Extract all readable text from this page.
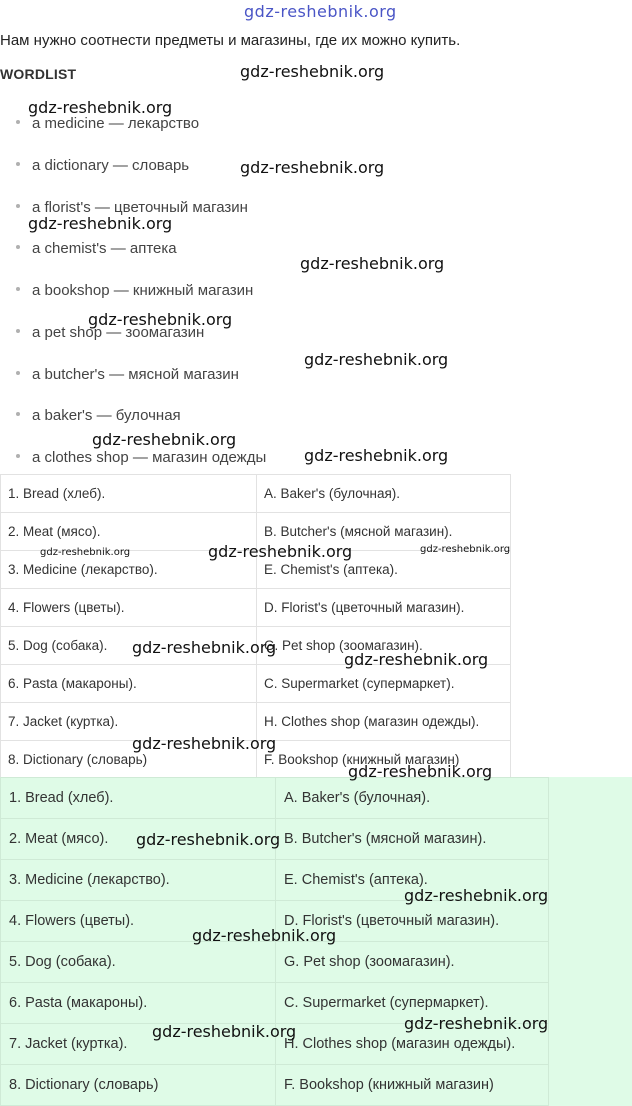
gdz-reshebnik.org
Нам нужно соотнести предметы и магазины, где их можно купить.
WORDLIST
a medicine — лекарство
a dictionary — словарь
a florist's — цветочный магазин
a chemist's — аптека
a bookshop — книжный магазин
a pet shop — зоомагазин
a butcher's — мясной магазин
a baker's — булочная
a clothes shop — магазин одежды
1. Bread (хлеб).	A. Baker's (булочная).
2. Meat (мясо).	B. Butcher's (мясной магазин).
3. Medicine (лекарство).	E. Chemist's (аптека).
4. Flowers (цветы).	D. Florist's (цветочный магазин).
5. Dog (собака).	G. Pet shop (зоомагазин).
6. Pasta (макароны).	C. Supermarket (супермаркет).
7. Jacket (куртка).	H. Clothes shop (магазин одежды).
8. Dictionary (словарь)	F. Bookshop (книжный магазин)
1. Bread (хлеб).	A. Baker's (булочная).
2. Meat (мясо).	B. Butcher's (мясной магазин).
3. Medicine (лекарство).	E. Chemist's (аптека).
4. Flowers (цветы).	D. Florist's (цветочный магазин).
5. Dog (собака).	G. Pet shop (зоомагазин).
6. Pasta (макароны).	C. Supermarket (супермаркет).
7. Jacket (куртка).	H. Clothes shop (магазин одежды).
8. Dictionary (словарь)	F. Bookshop (книжный магазин)
gdz-reshebnik.org
gdz-reshebnik.org
gdz-reshebnik.org
gdz-reshebnik.org
gdz-reshebnik.org
gdz-reshebnik.org
gdz-reshebnik.org
gdz-reshebnik.org
gdz-reshebnik.org
gdz-reshebnik.org	gdz-reshebnik.org	gdz-reshebnik.org
gdz-reshebnik.org
gdz-reshebnik.org
gdz-reshebnik.org
gdz-reshebnik.org
gdz-reshebnik.org
gdz-reshebnik.org
gdz-reshebnik.org
gdz-reshebnik.org
gdz-reshebnik.org
